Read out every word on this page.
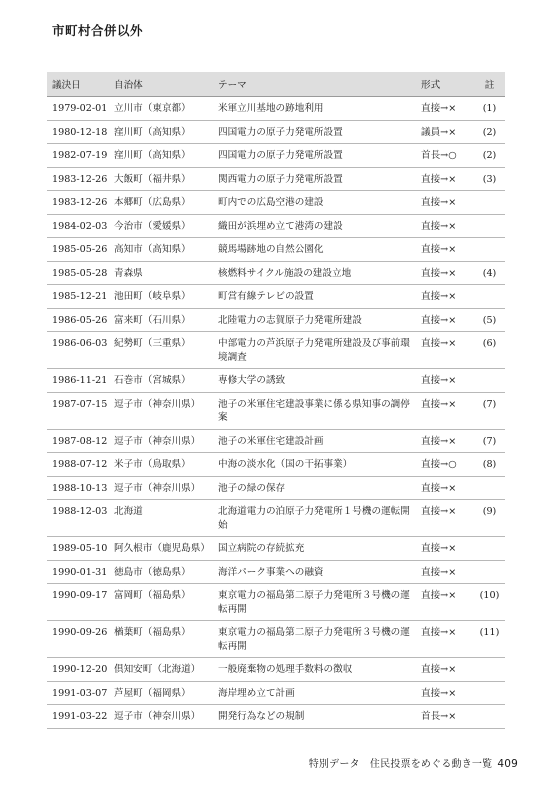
市町村合併以外
議決日	自治体	テーマ	形式	註
1979-02-01	立川市（東京都）	米軍立川基地の跡地利用	直接→×	(1)
1980-12-18	窪川町（高知県）	四国電力の原子力発電所設置	議員→×	(2)
1982-07-19	窪川町（高知県）	四国電力の原子力発電所設置	首長→○	(2)
1983-12-26	大飯町（福井県）	関西電力の原子力発電所設置	直接→×	(3)
1983-12-26	本郷町（広島県）	町内での広島空港の建設	直接→×	
1984-02-03	今治市（愛媛県）	織田が浜埋め立て港湾の建設	直接→×	
1985-05-26	高知市（高知県）	競馬場跡地の自然公園化	直接→×	
1985-05-28	青森県	核燃料サイクル施設の建設立地	直接→×	(4)
1985-12-21	池田町（岐阜県）	町営有線テレビの設置	直接→×	
1986-05-26	富来町（石川県）	北陸電力の志賀原子力発電所建設	直接→×	(5)
1986-06-03	紀勢町（三重県）	中部電力の芦浜原子力発電所建設及び事前環境調査	直接→×	(6)
1986-11-21	石巻市（宮城県）	専修大学の誘致	直接→×	
1987-07-15	逗子市（神奈川県）	池子の米軍住宅建設事業に係る県知事の調停案	直接→×	(7)
1987-08-12	逗子市（神奈川県）	池子の米軍住宅建設計画	直接→×	(7)
1988-07-12	米子市（鳥取県）	中海の淡水化（国の干拓事業）	直接→○	(8)
1988-10-13	逗子市（神奈川県）	池子の緑の保存	直接→×	
1988-12-03	北海道	北海道電力の泊原子力発電所１号機の運転開始	直接→×	(9)
1989-05-10	阿久根市（鹿児島県）	国立病院の存続拡充	直接→×	
1990-01-31	徳島市（徳島県）	海洋パーク事業への融資	直接→×	
1990-09-17	富岡町（福島県）	東京電力の福島第二原子力発電所３号機の運転再開	直接→×	(10)
1990-09-26	楢葉町（福島県）	東京電力の福島第二原子力発電所３号機の運転再開	直接→×	(11)
1990-12-20	倶知安町（北海道）	一般廃棄物の処理手数料の徴収	直接→×	
1991-03-07	芦屋町（福岡県）	海岸埋め立て計画	直接→×	
1991-03-22	逗子市（神奈川県）	開発行為などの規制	首長→×	
特別データ　住民投票をめぐる動き一覧 409
